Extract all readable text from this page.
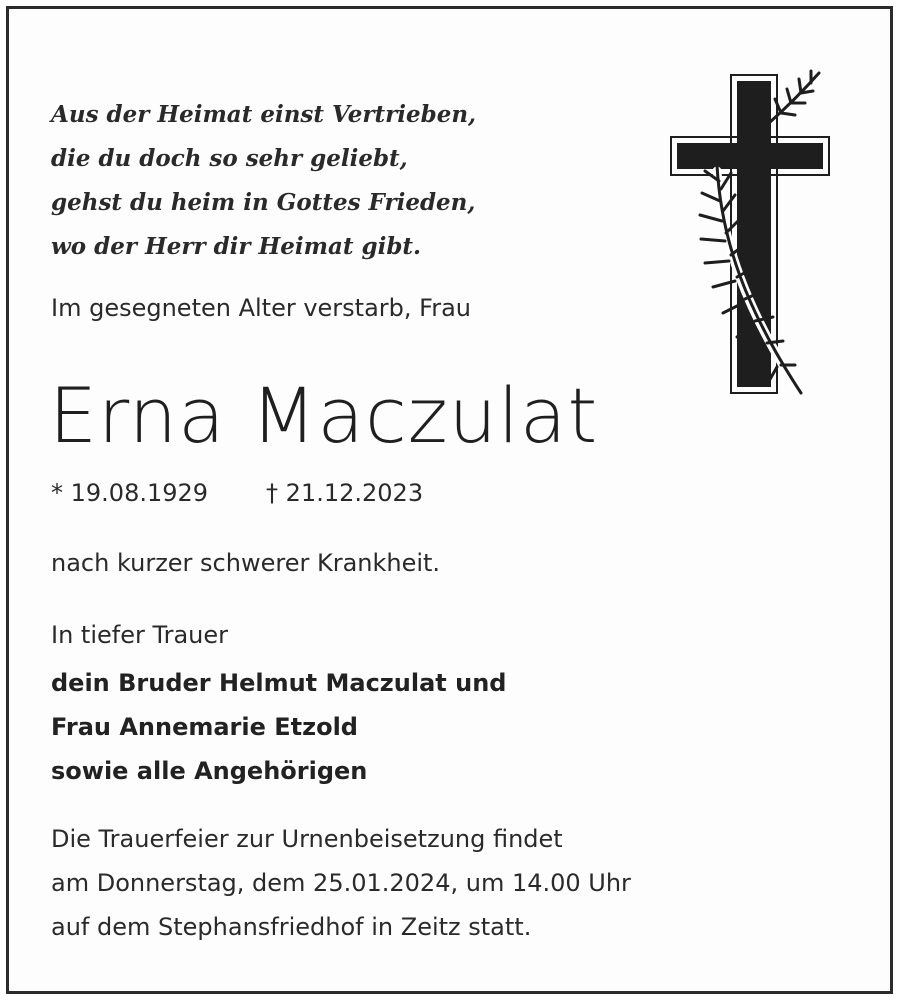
Aus der Heimat einst Vertrieben,
die du doch so sehr geliebt,
gehst du heim in Gottes Frieden,
wo der Herr dir Heimat gibt.
Im gesegneten Alter verstarb, Frau
Erna Maczulat
* 19.08.1929 † 21.12.2023
nach kurzer schwerer Krankheit.
In tiefer Trauer
dein Bruder Helmut Maczulat und
Frau Annemarie Etzold
sowie alle Angehörigen
Die Trauerfeier zur Urnenbeisetzung findet
am Donnerstag, dem 25.01.2024, um 14.00 Uhr
auf dem Stephansfriedhof in Zeitz statt.
